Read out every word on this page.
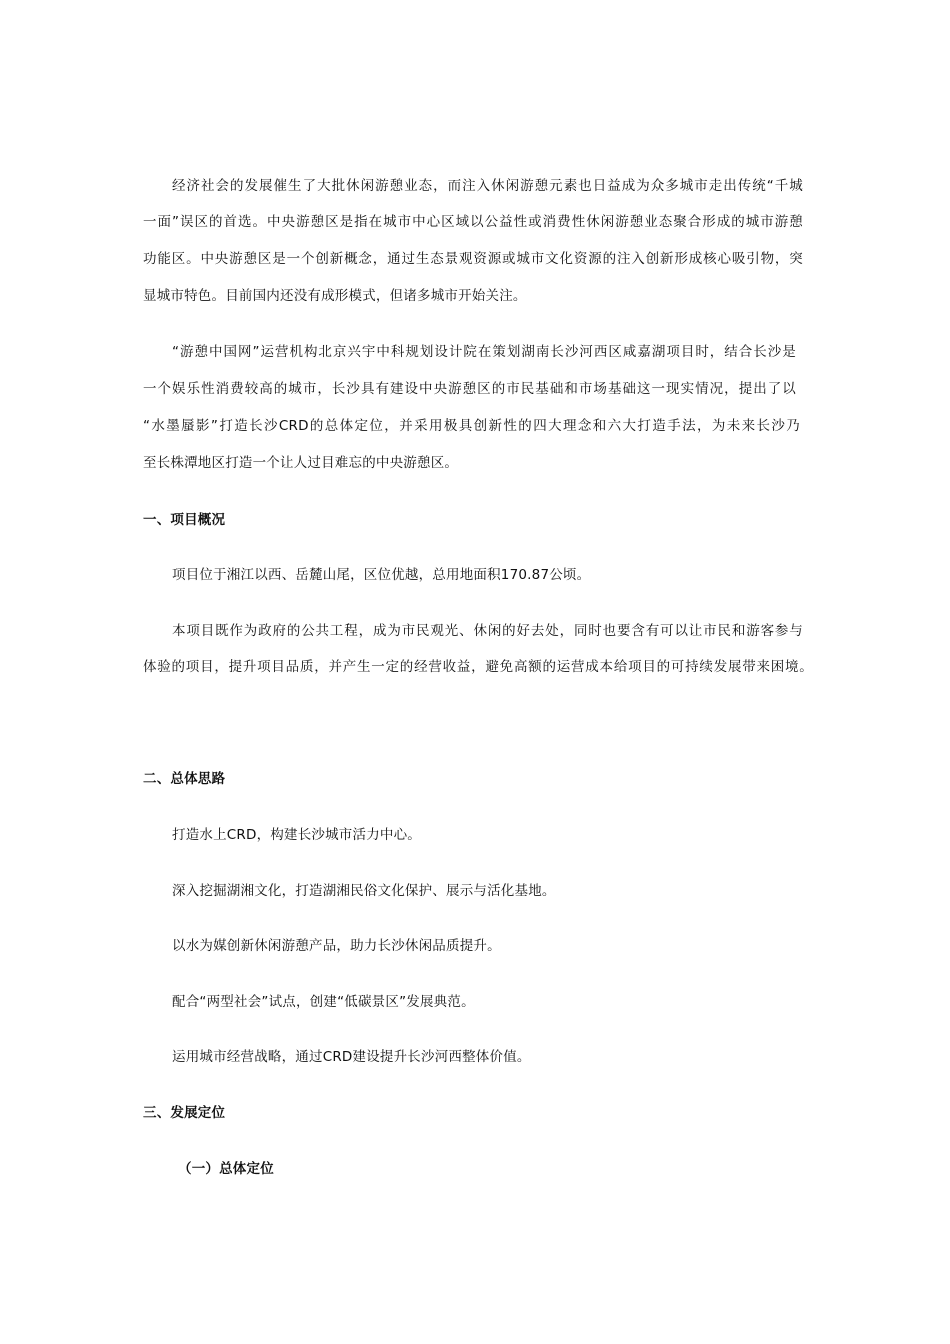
经济社会的发展催生了大批休闲游憩业态，而注入休闲游憩元素也日益成为众多城市走出传统“千城
一面”误区的首选。中央游憩区是指在城市中心区域以公益性或消费性休闲游憩业态聚合形成的城市游憩
功能区。中央游憩区是一个创新概念，通过生态景观资源或城市文化资源的注入创新形成核心吸引物，突
显城市特色。目前国内还没有成形模式，但诸多城市开始关注。
“游憩中国网”运营机构北京兴宇中科规划设计院在策划湖南长沙河西区咸嘉湖项目时，结合长沙是
一个娱乐性消费较高的城市，长沙具有建设中央游憩区的市民基础和市场基础这一现实情况，提出了以
“水墨蜃影”打造长沙CRD的总体定位，并采用极具创新性的四大理念和六大打造手法，为未来长沙乃
至长株潭地区打造一个让人过目难忘的中央游憩区。
一、项目概况
项目位于湘江以西、岳麓山尾，区位优越，总用地面积170.87公顷。
本项目既作为政府的公共工程，成为市民观光、休闲的好去处，同时也要含有可以让市民和游客参与
体验的项目，提升项目品质，并产生一定的经营收益，避免高额的运营成本给项目的可持续发展带来困境。
二、总体思路
打造水上CRD，构建长沙城市活力中心。
深入挖掘湖湘文化，打造湖湘民俗文化保护、展示与活化基地。
以水为媒创新休闲游憩产品，助力长沙休闲品质提升。
配合“两型社会”试点，创建“低碳景区”发展典范。
运用城市经营战略，通过CRD建设提升长沙河西整体价值。
三、发展定位
（一）总体定位
